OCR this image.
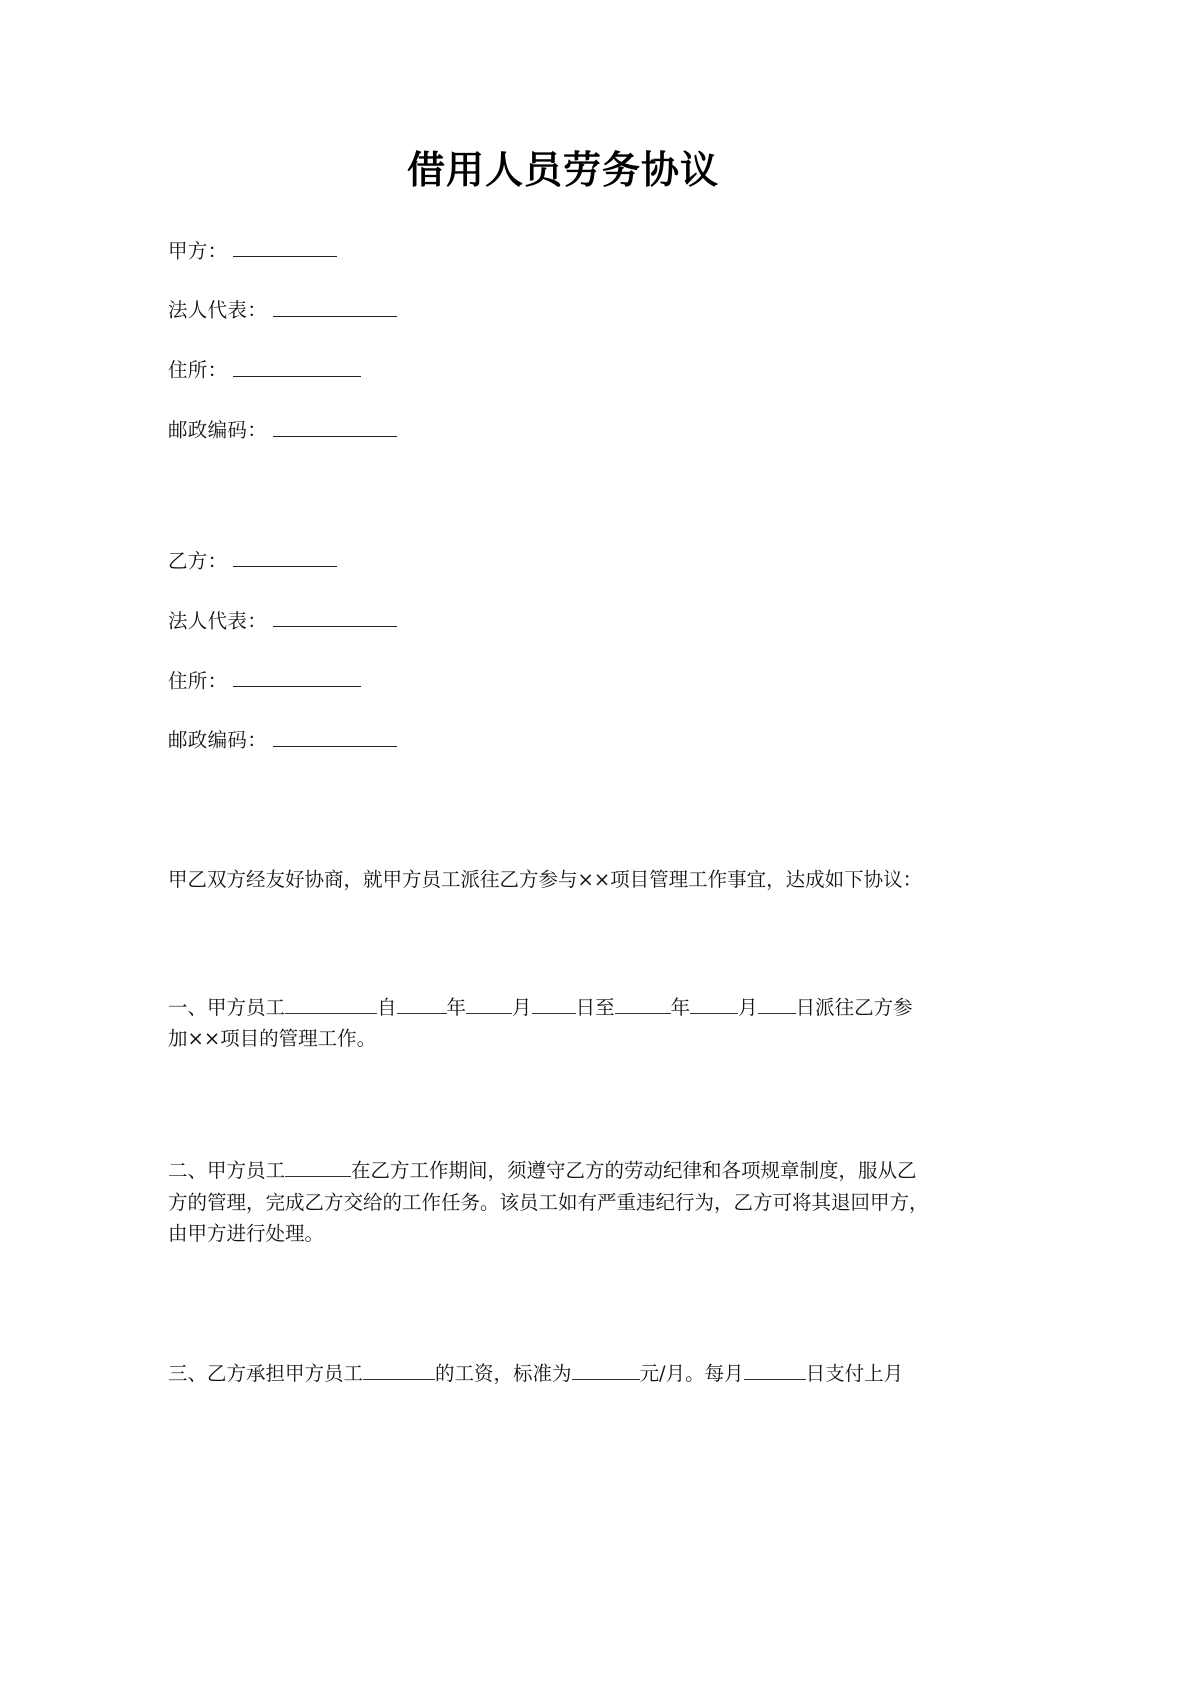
借用人员劳务协议
甲方：
法人代表：
住所：
邮政编码：
乙方：
法人代表：
住所：
邮政编码：

甲乙双方经友好协商，就甲方员工派往乙方参与××项目管理工作事宜，达成如下协议：

一、甲方员工	自	年 月 日至	年 月 日派往乙方参
加××项目的管理工作。

二、甲方员工	在乙方工作期间，须遵守乙方的劳动纪律和各项规章制度，服从乙
方的管理，完成乙方交给的工作任务。该员工如有严重违纪行为，乙方可将其退回甲方，
由甲方进行处理。

三、乙方承担甲方员工	的工资，标准为	元/月。每月	日支付上月
